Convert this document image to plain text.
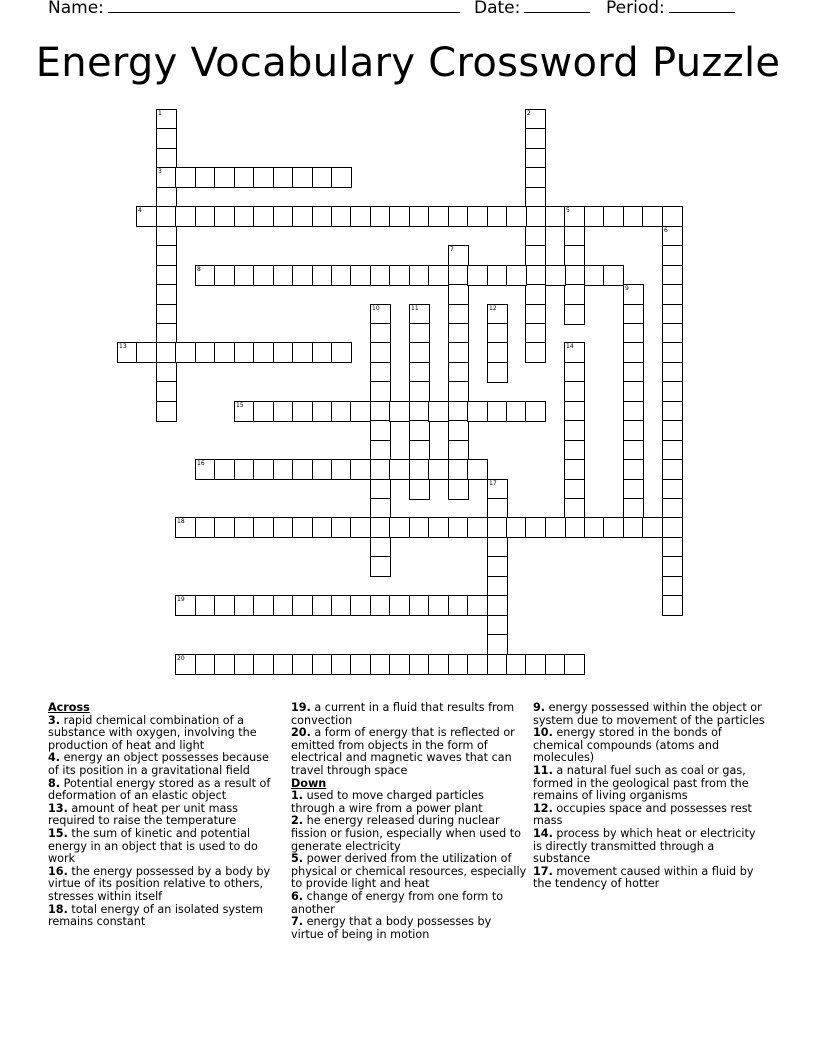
Name:	Date:	Period:
Energy Vocabulary Crossword Puzzle
1
3
2
4	5
6
7
8
9
10	11	12
13	14
15
16
17
18
19
20
Across
3. rapid chemical combination of a substance with oxygen, involving the production of heat and light
4. energy an object possesses because of its position in a gravitational field
8. Potential energy stored as a result of deformation of an elastic object
13. amount of heat per unit mass required to raise the temperature
15. the sum of kinetic and potential energy in an object that is used to do work
16. the energy possessed by a body by virtue of its position relative to others, stresses within itself
18. total energy of an isolated system remains constant
19. a current in a fluid that results from convection
20. a form of energy that is reflected or emitted from objects in the form of electrical and magnetic waves that can travel through space
Down
1. used to move charged particles through a wire from a power plant
2. he energy released during nuclear fission or fusion, especially when used to generate electricity
5. power derived from the utilization of physical or chemical resources, especially to provide light and heat
6. change of energy from one form to another
7. energy that a body possesses by virtue of being in motion
9. energy possessed within the object or system due to movement of the particles
10. energy stored in the bonds of chemical compounds (atoms and molecules)
11. a natural fuel such as coal or gas, formed in the geological past from the remains of living organisms
12. occupies space and possesses rest mass
14. process by which heat or electricity is directly transmitted through a substance
17. movement caused within a fluid by the tendency of hotter
